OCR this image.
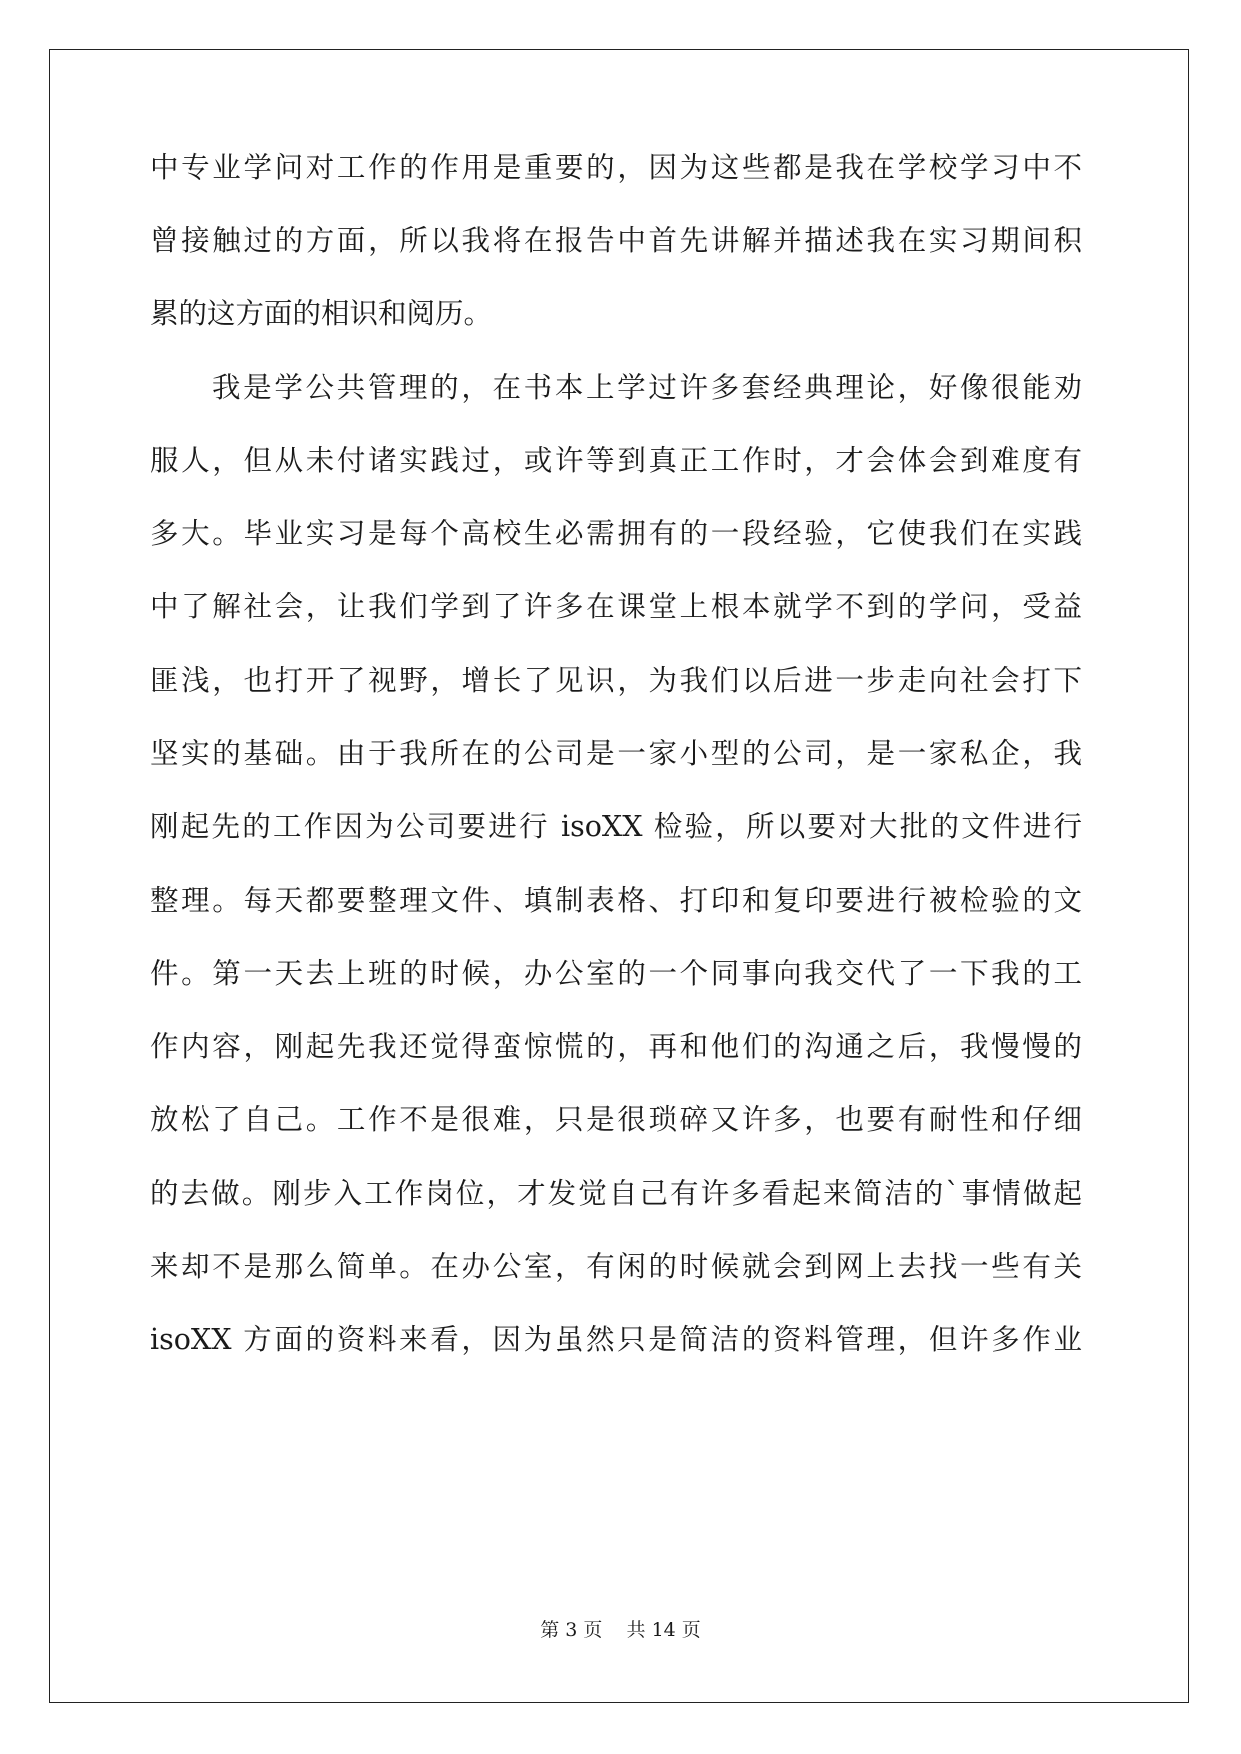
中专业学问对工作的作用是重要的，因为这些都是我在学校学习中不
曾接触过的方面，所以我将在报告中首先讲解并描述我在实习期间积
累的这方面的相识和阅历。
我是学公共管理的，在书本上学过许多套经典理论，好像很能劝
服人，但从未付诸实践过，或许等到真正工作时，才会体会到难度有
多大。毕业实习是每个高校生必需拥有的一段经验，它使我们在实践
中了解社会，让我们学到了许多在课堂上根本就学不到的学问，受益
匪浅，也打开了视野，增长了见识，为我们以后进一步走向社会打下
坚实的基础。由于我所在的公司是一家小型的公司，是一家私企，我
刚起先的工作因为公司要进行 isoXX 检验，所以要对大批的文件进行
整理。每天都要整理文件、填制表格、打印和复印要进行被检验的文
件。第一天去上班的时候，办公室的一个同事向我交代了一下我的工
作内容，刚起先我还觉得蛮惊慌的，再和他们的沟通之后，我慢慢的
放松了自己。工作不是很难，只是很琐碎又许多，也要有耐性和仔细
的去做。刚步入工作岗位，才发觉自己有许多看起来简洁的`事情做起
来却不是那么简单。在办公室，有闲的时候就会到网上去找一些有关
isoXX 方面的资料来看，因为虽然只是简洁的资料管理，但许多作业
第 3 页    共 14 页
